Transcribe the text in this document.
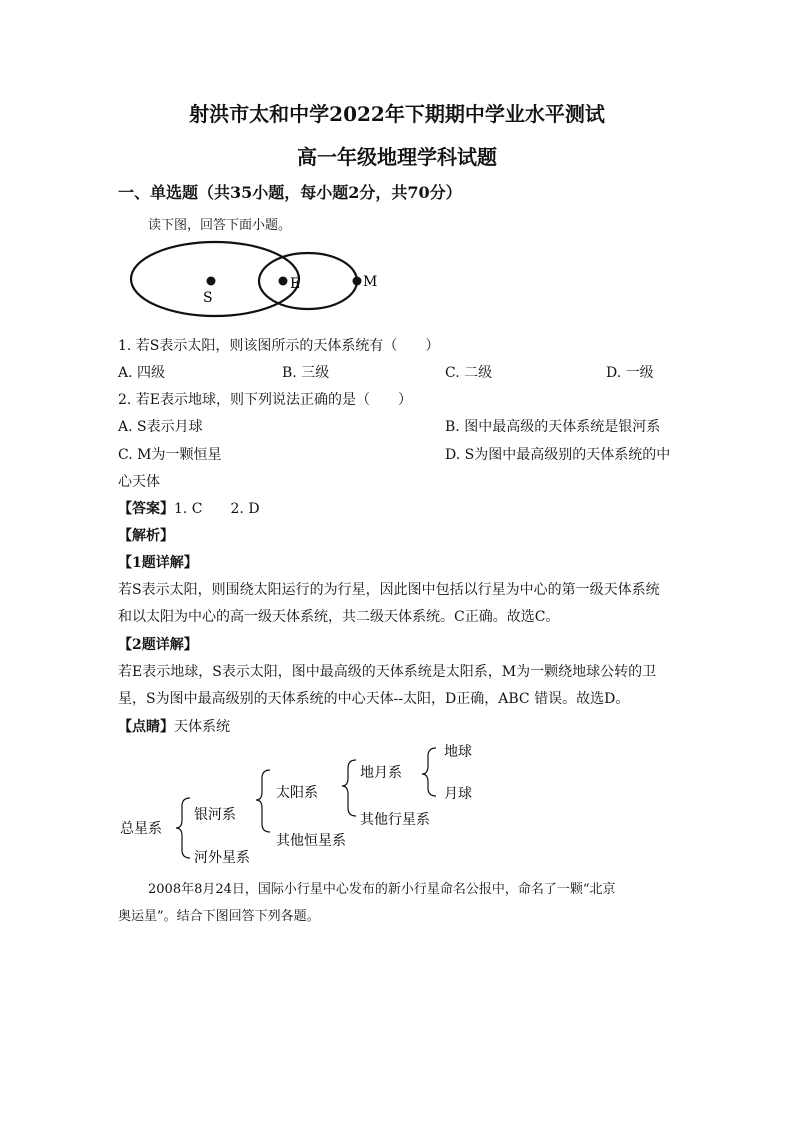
射洪市太和中学2022年下期期中学业水平测试
高一年级地理学科试题
一、单选题（共35小题，每小题2分，共70分）
读下图，回答下面小题。
S
E	M
1. 若S表示太阳，则该图所示的天体系统有（　　）
A. 四级	B. 三级	C. 二级	D. 一级
2. 若E表示地球，则下列说法正确的是（　　）
A. S表示月球	B. 图中最高级的天体系统是银河系
C. M为一颗恒星	D. S为图中最高级别的天体系统的中
心天体
【答案】1. C　　2. D
【解析】
【1题详解】
若S表示太阳，则围绕太阳运行的为行星，因此图中包括以行星为中心的第一级天体系统
和以太阳为中心的高一级天体系统，共二级天体系统。C正确。故选C。
【2题详解】
若E表示地球，S表示太阳，图中最高级的天体系统是太阳系，M为一颗绕地球公转的卫
星，S为图中最高级别的天体系统的中心天体--太阳，D正确，ABC 错误。故选D。
【点睛】天体系统
总星系
银河系
河外星系
太阳系
其他恒星系
地月系
其他行星系
地球
月球
2008年8月24日，国际小行星中心发布的新小行星命名公报中，命名了一颗“北京
奥运星”。结合下图回答下列各题。
